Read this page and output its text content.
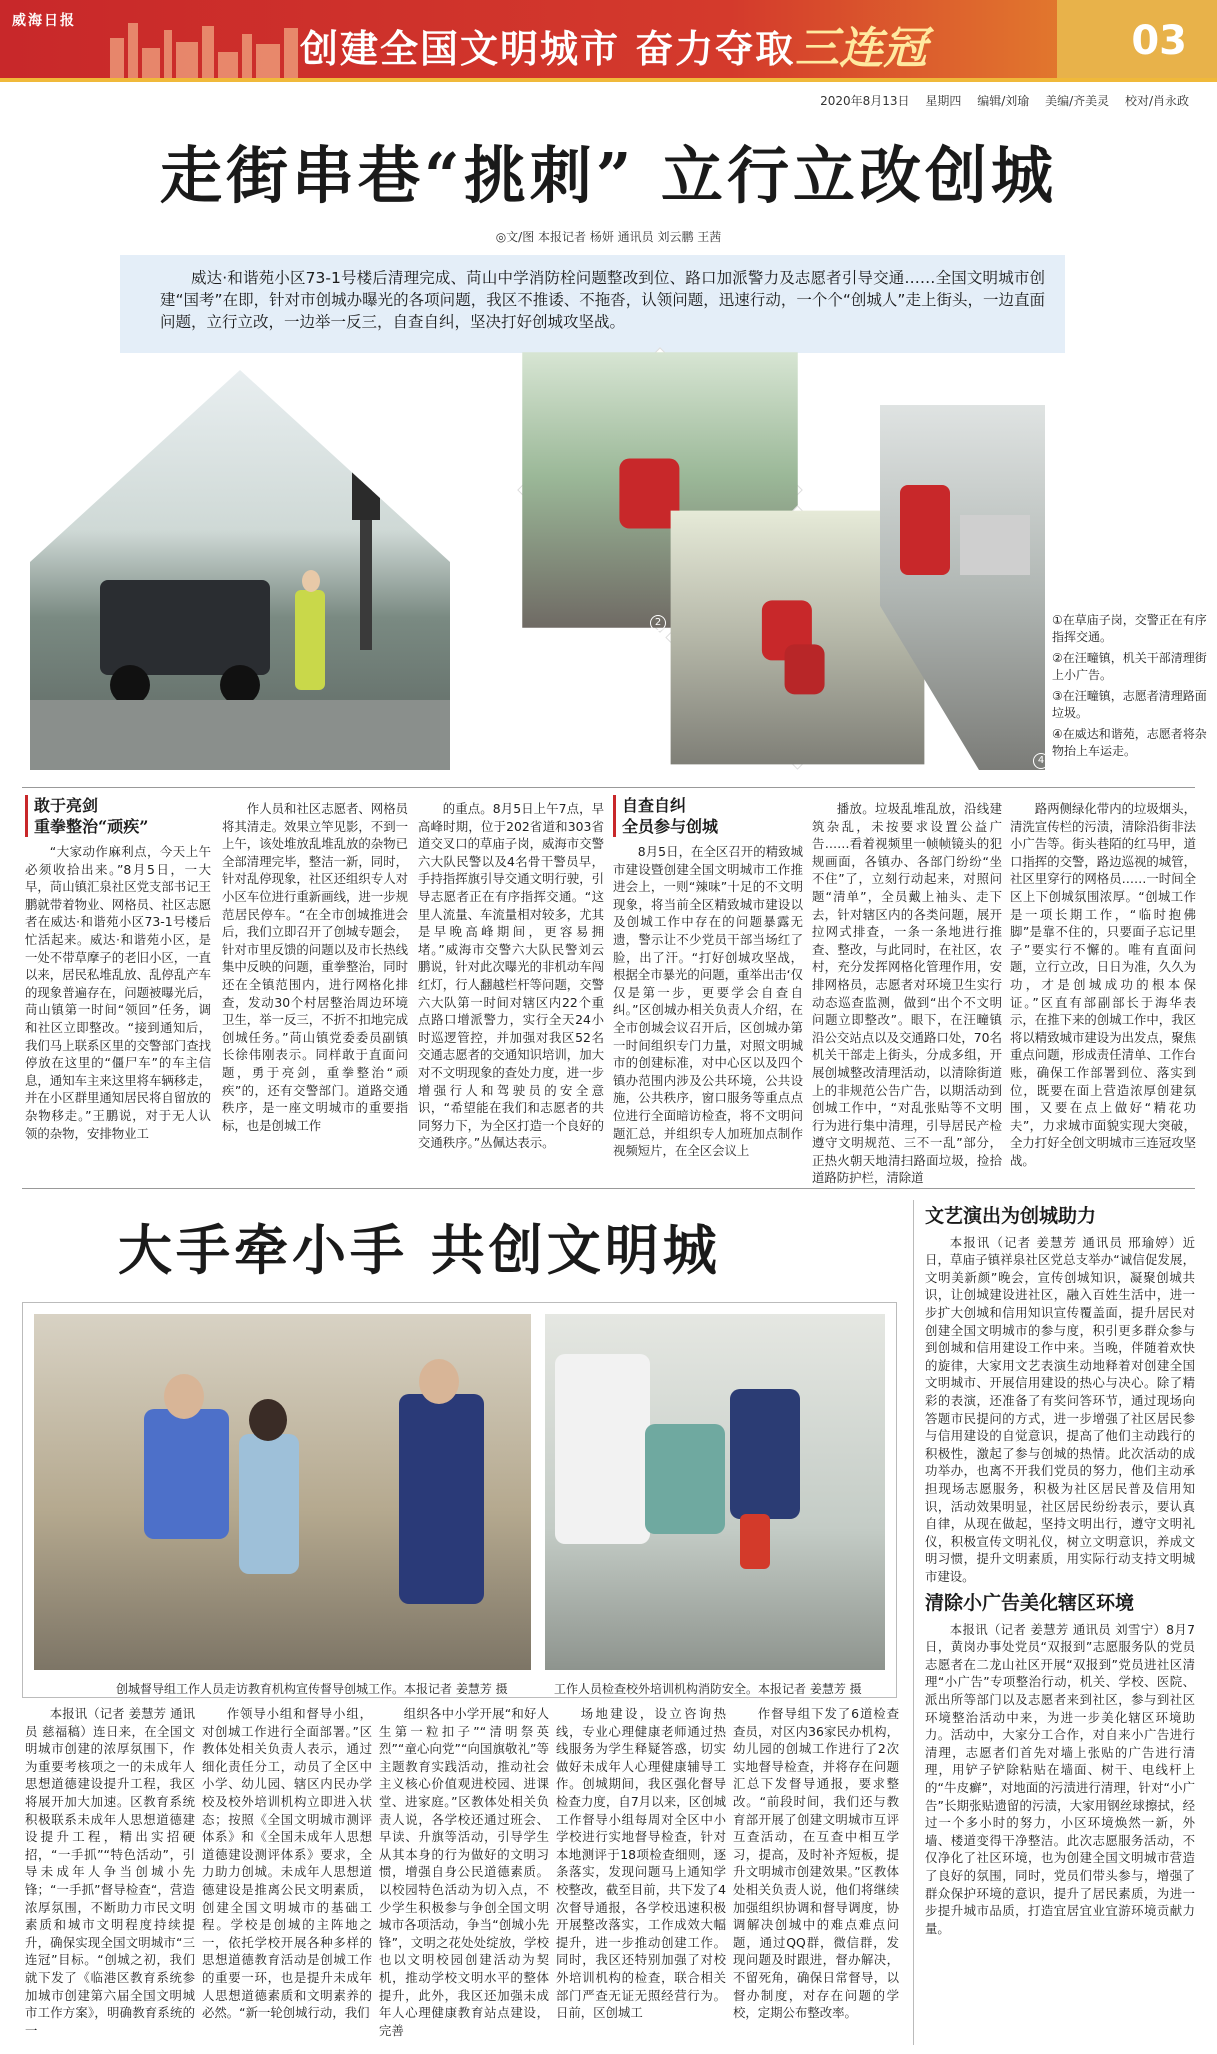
威海日报
创建全国文明城市 奋力夺取 三连冠	03
2020年8月13日 星期四 编辑/刘瑜 美编/齐美灵 校对/肖永政
走街串巷“挑刺” 立行立改创城
◎文/图 本报记者 杨妍 通讯员 刘云鹏 王茜
威达·和谐苑小区73-1号楼后清理完成、苘山中学消防栓问题整改到位、路口加派警力及志愿者引导交通……全国文明城市创建“国考”在即，针对市创城办曝光的各项问题，我区不推诿、不拖沓，认领问题，迅速行动，一个个“创城人”走上街头，一边直面问题，立行立改，一边举一反三，自查自纠，坚决打好创城攻坚战。
2
3	4
①在草庙子岗，交警正在有序指挥交通。
②在汪疃镇，机关干部清理街上小广告。
③在汪疃镇，志愿者清理路面垃圾。
④在威达和谐苑，志愿者将杂物抬上车运走。
敢于亮剑
重拳整治“顽疾”

“大家动作麻利点，今天上午必须收拾出来。”8月5日，一大早，苘山镇汇泉社区党支部书记王鹏就带着物业、网格员、社区志愿者在威达·和谐苑小区73-1号楼后忙活起来。威达·和谐苑小区，是一处不带草摩子的老旧小区，一直以来，居民私堆乱放、乱停乱产车的现象普遍存在，问题被曝光后，苘山镇第一时间“领回”任务，调和社区立即整改。“接到通知后，我们马上联系区里的交警部门查找停放在这里的“僵尸车”的车主信息，通知车主来这里将车辆移走，并在小区群里通知居民将自留放的杂物移走。”王鹏说，对于无人认领的杂物，安排物业工

作人员和社区志愿者、网格员将其清走。效果立竿见影，不到一上午，该处堆放乱堆乱放的杂物已全部清理完毕，整洁一新，同时，针对乱停现象，社区还组织专人对小区车位进行重新画线，进一步规范居民停车。“在全市创城推进会后，我们立即召开了创城专题会，针对市里反馈的问题以及市长热线集中反映的问题，重拳整治，同时还在全镇范围内，进行网格化排查，发动30个村居整治周边环境卫生，举一反三，不折不扣地完成创城任务。”苘山镇党委委员副镇长徐伟刚表示。同样敢于直面问题，勇于亮剑，重拳整治“顽疾”的，还有交警部门。道路交通秩序，是一座文明城市的重要指标，也是创城工作

的重点。8月5日上午7点，早高峰时期，位于202省道和303省道交叉口的草庙子岗，威海市交警六大队民警以及4名骨干警员早，手持指挥旗引导交通文明行驶，引导志愿者正在有序指挥交通。“这里人流量、车流量相对较多，尤其是早晚高峰期间，更容易拥堵。”威海市交警六大队民警刘云鹏说，针对此次曝光的非机动车闯红灯，行人翻越栏杆等问题，交警六大队第一时间对辖区内22个重点路口增派警力，实行全天24小时巡逻管控，并加强对我区52名交通志愿者的交通知识培训，加大对不文明现象的查处力度，进一步增强行人和驾驶员的安全意识，“希望能在我们和志愿者的共同努力下，为全区打造一个良好的交通秩序。”丛佩达表示。

自查自纠
全员参与创城

8月5日，在全区召开的精致城市建设暨创建全国文明城市工作推进会上，一则“辣味”十足的不文明现象，将当前全区精致城市建设以及创城工作中存在的问题暴露无遗，警示让不少党员干部当场红了脸，出了汗。“打好创城攻坚战，根据全市暴光的问题，重举出击‘仅仅是第一步，更要学会自查自纠。”区创城办相关负责人介绍，在全市创城会议召开后，区创城办第一时间组织专门力量，对照文明城市的创建标准，对中心区以及四个镇办范围内涉及公共环境，公共设施，公共秩序，窗口服务等重点点位进行全面暗访检查，将不文明问题汇总，并组织专人加班加点制作视频短片，在全区会议上

播放。垃圾乱堆乱放，沿线建筑杂乱，未按要求设置公益广告……看着视频里一帧帧镜头的犯规画面，各镇办、各部门纷纷“坐不住”了，立刻行动起来，对照问题“清单”，全员戴上袖头、走下去，针对辖区内的各类问题，展开拉网式排查，一条一条地进行推查、整改，与此同时，在社区，农村，充分发挥网格化管理作用，安排网格员，志愿者对环境卫生实行动态巡查监测，做到“出个不文明问题立即整改”。眼下，在汪疃镇沿公交站点以及交通路口处，70名机关干部走上街头，分成多组，开展创城整改清理活动，以清除街道上的非规范公告广告，以期活动到创城工作中，“对乱张贴等不文明行为进行集中清理，引导居民产检遵守文明规范、三不一乱”部分，正热火朝天地清扫路面垃圾，捡拾道路防护栏，清除道

路两侧绿化带内的垃圾烟头，清洗宣传栏的污渍，清除沿街非法小广告等。街头巷陌的红马甲，道口指挥的交警，路边巡视的城管，社区里穿行的网格员……一时间全区上下创城氛围浓厚。“创城工作是一项长期工作，“临时抱佛脚”是靠不住的，只要面子忘记里子”要实行不懈的。唯有直面问题，立行立改，日日为准，久久为功，才是创城成功的根本保证。”区直有部副部长于海华表示，在推下来的创城工作中，我区将以精致城市建设为出发点，聚焦重点问题，形成责任清单、工作台账，确保工作部署到位、落实到位，既要在面上营造浓厚创建氛围，又要在点上做好“精花功夫”，力求城市面貌实现大突破，全力打好全创文明城市三连冠攻坚战。

大手牵小手 共创文明城
创城督导组工作人员走访教育机构宣传督导创城工作。本报记者 姜慧芳 摄	工作人员检查校外培训机构消防安全。本报记者 姜慧芳 摄

本报讯（记者 姜慧芳 通讯员 慈福稿）连日来，在全国文明城市创建的浓厚氛围下，作为重要考核项之一的未成年人思想道德建设提升工程，我区将展开加大加速。区教育系统积极联系未成年人思想道德建设提升工程，精出实招硬招，“一手抓”“特色活动”，引导未成年人争当创城小先锋；“一手抓”督导检查“，营造浓厚氛围，不断助力市民文明素质和城市文明程度持续提升，确保实现全国文明城市“三连冠”目标。“创城之初，我们就下发了《临港区教育系统参加城市创建第六届全国文明城市工作方案》，明确教育系统的一

作领导小组和督导小组，对创城工作进行全面部署。”区教体处相关负责人表示，通过细化责任分工，动员了全区中小学、幼儿园、辖区内民办学校及校外培训机构立即进入状态；按照《全国文明城市测评体系》和《全国未成年人思想道德建设测评体系》要求，全力助力创城。未成年人思想道德建设是推离公民文明素质，创建全国文明城市的基础工程。学校是创城的主阵地之一，依托学校开展各种多样的思想道德教育活动是创城工作的重要一环，也是提升未成年人思想道德素质和文明素养的必然。“新一轮创城行动，我们

组织各中小学开展“和好人生第一粒扣子”“清明祭英烈”“童心向党”“向国旗敬礼”等主题教育实践活动，推动社会主义核心价值观进校园、进课堂、进家庭。”区教体处相关负责人说，各学校还通过班会、早读、升旗等活动，引导学生从其本身的行为做好的文明习惯，增强自身公民道德素质。以校园特色活动为切入点，不少学生积极参与争创全国文明城市各项活动，争当“创城小先锋”，文明之花处处绽放，学校也以文明校园创建活动为契机，推动学校文明水平的整体提升，此外，我区还加强未成年人心理健康教育站点建设，完善

场地建设，设立咨询热线，专业心理健康老师通过热线服务为学生释疑答惑，切实做好未成年人心理健康辅导工作。创城期间，我区强化督导检查力度，自7月以来，区创城工作督导小组每周对全区中小学校进行实地督导检查，针对本地测评于18项检查细则，逐条落实，发现问题马上通知学校整改，截至目前，共下发了4次督导通报，各学校迅速积极开展整改落实，工作成效大幅提升，进一步推动创建工作。同时，我区还特别加强了对校外培训机构的检查，联合相关部门严查无证无照经营行为。日前，区创城工

作督导组下发了6道检查查员，对区内36家民办机构，幼儿园的创城工作进行了2次实地督导检查，并将存在问题汇总下发督导通报，要求整改。“前段时间，我们还与教育部开展了创建文明城市互评互查活动，在互查中相互学习，提高，及时补齐短板，提升文明城市创建效果。”区教体处相关负责人说，他们将继续加强组织协调和督导调度，协调解决创城中的难点难点问题，通过QQ群，微信群，发现问题及时跟进，督办解决，不留死角，确保日常督导，以督办制度，对存在问题的学校，定期公布整改率。

文艺演出为创城助力

本报讯（记者 姜慧芳 通讯员 邢瑜婷）近日，草庙子镇祥泉社区党总支举办“诚信促发展，文明美新颜”晚会，宣传创城知识，凝聚创城共识，让创城建设进社区，融入百姓生活中，进一步扩大创城和信用知识宣传覆盖面，提升居民对创建全国文明城市的参与度，积引更多群众参与到创城和信用建设工作中来。当晚，伴随着欢快的旋律，大家用文艺表演生动地释着对创建全国文明城市、开展信用建设的热心与决心。除了精彩的表演，还准备了有奖问答环节，通过现场向答题市民提问的方式，进一步增强了社区居民参与信用建设的自觉意识，提高了他们主动践行的积极性，激起了参与创城的热情。此次活动的成功举办，也离不开我们党员的努力，他们主动承担现场志愿服务，积极为社区居民普及信用知识，活动效果明显，社区居民纷纷表示，要认真自律，从现在做起，坚持文明出行，遵守文明礼仪，积极宣传文明礼仪，树立文明意识，养成文明习惯，提升文明素质，用实际行动支持文明城市建设。

清除小广告美化辖区环境

本报讯（记者 姜慧芳 通讯员 刘雪宁）8月7日，黄岗办事处党员“双报到”志愿服务队的党员志愿者在二龙山社区开展“双报到”党员进社区清理“小广告”专项整治行动，机关、学校、医院、派出所等部门以及志愿者来到社区，参与到社区环境整治活动中来，为进一步美化辖区环境助力。活动中，大家分工合作，对自来小广告进行清理，志愿者们首先对墙上张贴的广告进行清理，用铲子铲除粘贴在墙面、树干、电线杆上的“牛皮癣”，对地面的污渍进行清理，针对“小广告”长期张贴遗留的污渍，大家用钢丝球擦拭，经过一个多小时的努力，小区环境焕然一新，外墙、楼道变得干净整洁。此次志愿服务活动，不仅净化了社区环境，也为创建全国文明城市营造了良好的氛围，同时，党员们带头参与，增强了群众保护环境的意识，提升了居民素质，为进一步提升城市品质，打造宜居宜业宜游环境贡献力量。
